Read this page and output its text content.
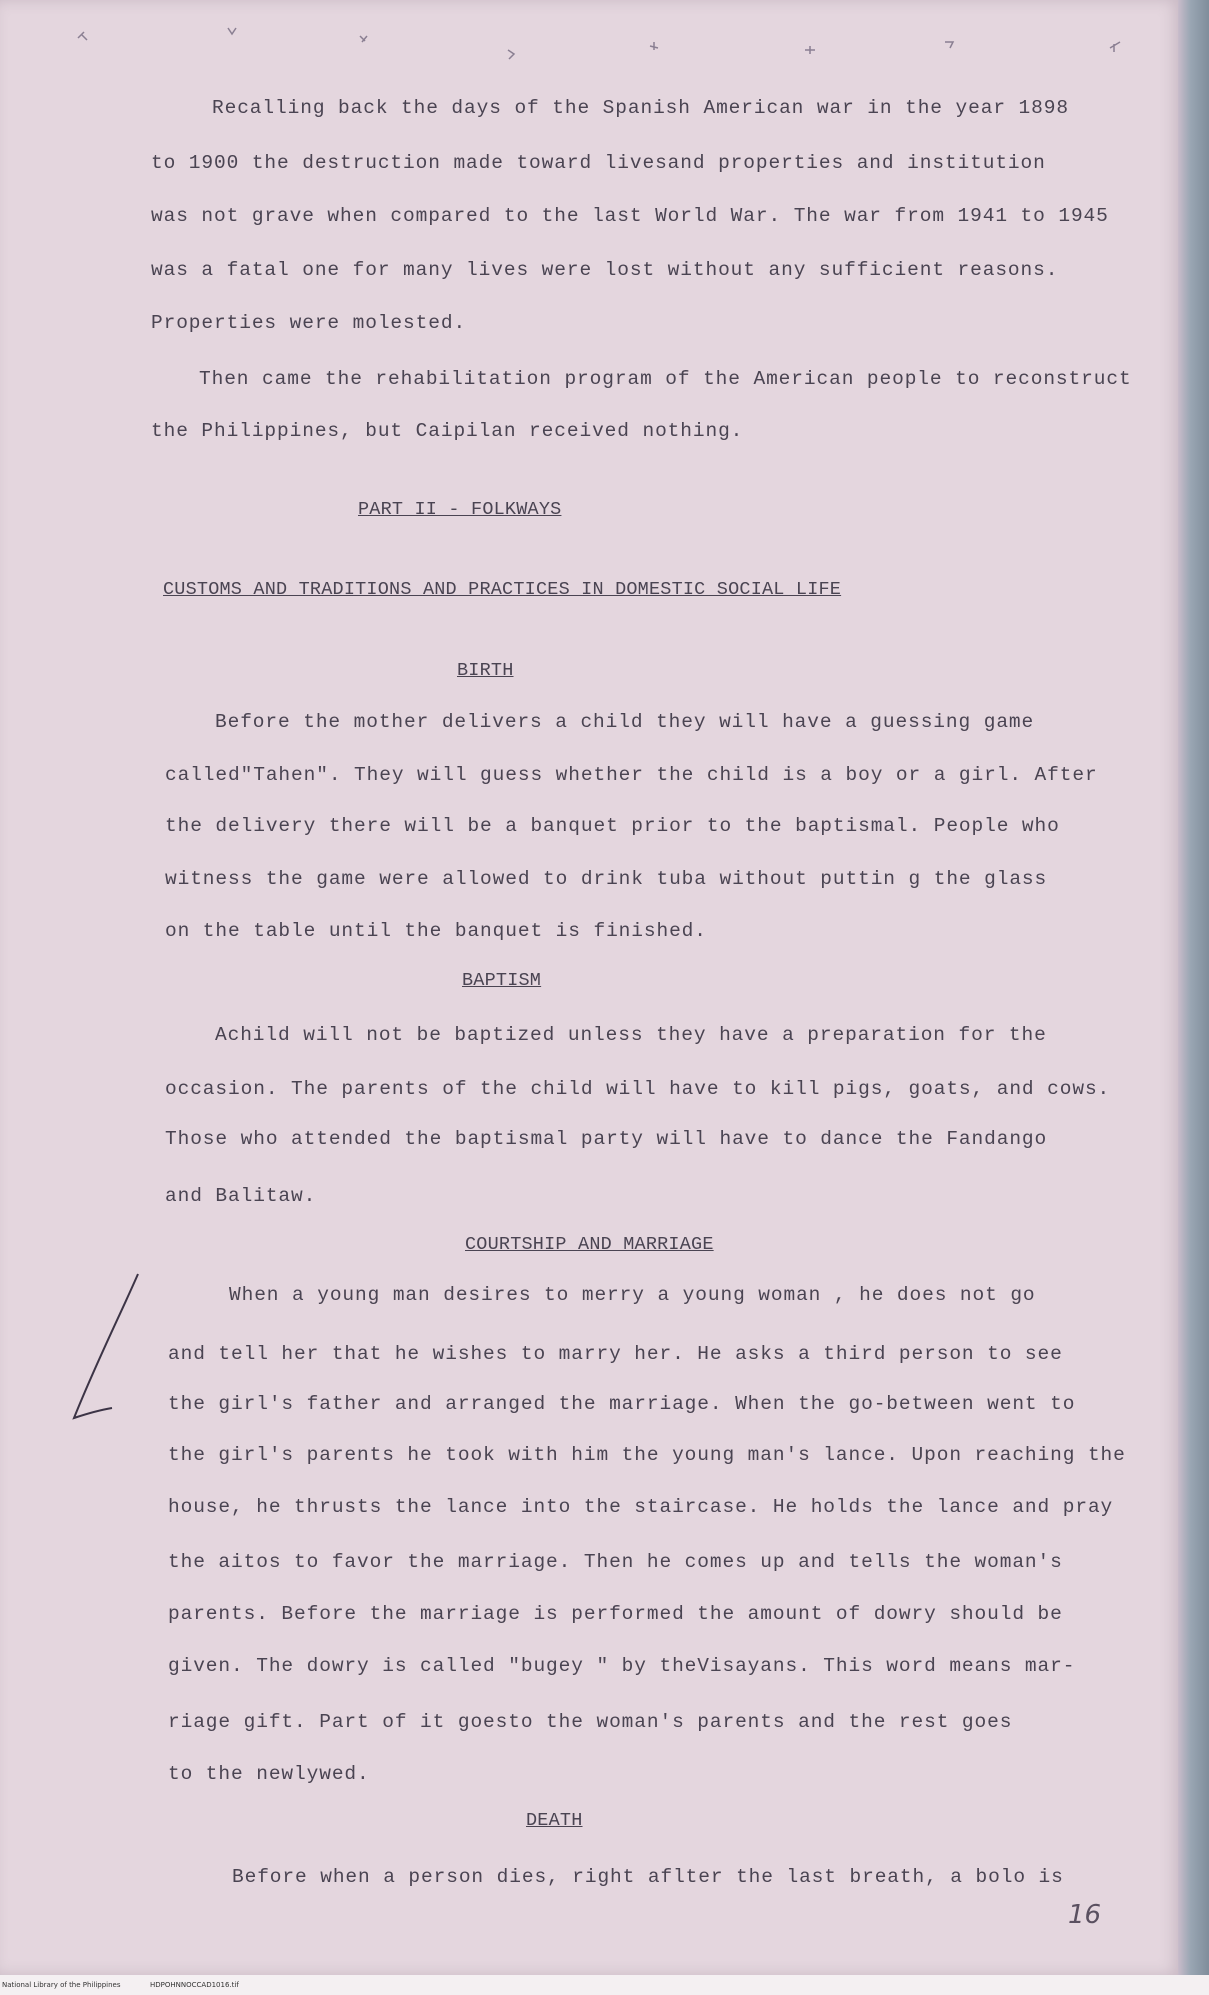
Recalling back the days of the Spanish American war in the year 1898
to 1900 the destruction made toward livesand properties and institution
was not grave when compared to the last World War. The war from 1941 to 1945
was a fatal one for many lives were lost without any sufficient reasons.
Properties were molested.
Then came the rehabilitation program of the American people to reconstruct
the Philippines, but Caipilan received nothing.
PART II - FOLKWAYS
CUSTOMS AND TRADITIONS AND PRACTICES IN DOMESTIC SOCIAL LIFE
BIRTH
Before the mother delivers a child they will have a guessing game
called"Tahen". They will guess whether the child is a boy or a girl. After
the delivery there will be a banquet prior to the baptismal. People who
witness the game were allowed to drink tuba without puttin g the glass
on the table until the banquet is finished.
BAPTISM
Achild will not be baptized unless they have a preparation for the
occasion. The parents of the child will have to kill pigs, goats, and cows.
Those who attended the baptismal party will have to dance the Fandango
and Balitaw.
COURTSHIP AND MARRIAGE
When a young man desires to merry a young woman , he does not go
and tell her that he wishes to marry her. He asks a third person to see
the girl's father and arranged the marriage. When the go-between went to
the girl's parents he took with him the young man's lance. Upon reaching the
house, he thrusts the lance into the staircase. He holds the lance and pray
the aitos to favor the marriage. Then he comes up and tells the woman's
parents. Before the marriage is performed the amount of dowry should be
given. The dowry is called "bugey " by theVisayans. This word means mar-
riage gift. Part of it goesto the woman's parents and the rest goes
to the newlywed.
DEATH
Before when a person dies, right aflter the last breath, a bolo is
16
National Library of the Philippines	HDPOHNNOCCAD1016.tif
